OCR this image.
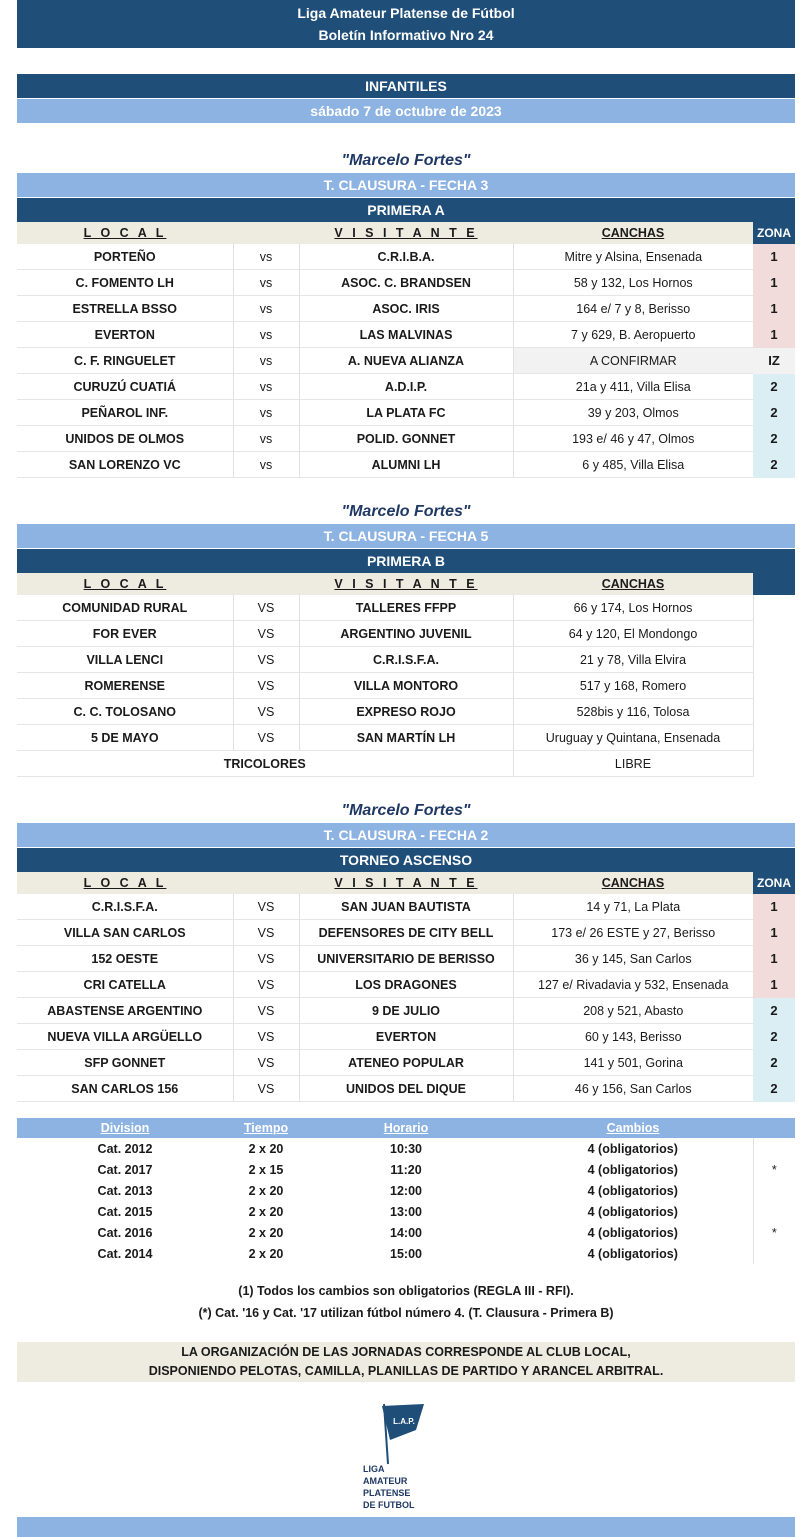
Liga Amateur Platense de Fútbol
Boletín Informativo Nro 24
INFANTILES
sábado 7 de octubre de 2023
"Marcelo Fortes"
T. CLAUSURA - FECHA 3
PRIMERA A
L O C A L		V I S I T A N T E	CANCHAS	ZONA
PORTEÑO	vs	C.R.I.B.A.	Mitre y Alsina, Ensenada	1
C. FOMENTO LH	vs	ASOC. C. BRANDSEN	58 y 132, Los Hornos	1
ESTRELLA BSSO	vs	ASOC. IRIS	164 e/ 7 y 8, Berisso	1
EVERTON	vs	LAS MALVINAS	7 y 629, B. Aeropuerto	1
C. F. RINGUELET	vs	A. NUEVA ALIANZA	A CONFIRMAR	IZ
CURUZÚ CUATIÁ	vs	A.D.I.P.	21a y 411, Villa Elisa	2
PEÑAROL INF.	vs	LA PLATA FC	39 y 203, Olmos	2
UNIDOS DE OLMOS	vs	POLID. GONNET	193 e/ 46 y 47, Olmos	2
SAN LORENZO VC	vs	ALUMNI LH	6 y 485, Villa Elisa	2
"Marcelo Fortes"
T. CLAUSURA - FECHA 5
PRIMERA B
L O C A L		V I S I T A N T E	CANCHAS	
COMUNIDAD RURAL	VS	TALLERES FFPP	66 y 174, Los Hornos	
FOR EVER	VS	ARGENTINO JUVENIL	64 y 120, El Mondongo	
VILLA LENCI	VS	C.R.I.S.F.A.	21 y 78, Villa Elvira	
ROMERENSE	VS	VILLA MONTORO	517 y 168, Romero	
C. C. TOLOSANO	VS	EXPRESO ROJO	528bis y 116, Tolosa	
5 DE MAYO	VS	SAN MARTÍN LH	Uruguay y Quintana, Ensenada	
TRICOLORES			LIBRE	
"Marcelo Fortes"
T. CLAUSURA - FECHA 2
TORNEO ASCENSO
L O C A L		V I S I T A N T E	CANCHAS	ZONA
C.R.I.S.F.A.	VS	SAN JUAN BAUTISTA	14 y 71, La Plata	1
VILLA SAN CARLOS	VS	DEFENSORES DE CITY BELL	173 e/ 26 ESTE y 27, Berisso	1
152 OESTE	VS	UNIVERSITARIO DE BERISSO	36 y 145, San Carlos	1
CRI CATELLA	VS	LOS DRAGONES	127 e/ Rivadavia y 532, Ensenada	1
ABASTENSE ARGENTINO	VS	9 DE JULIO	208 y 521, Abasto	2
NUEVA VILLA ARGÜELLO	VS	EVERTON	60 y 143, Berisso	2
SFP GONNET	VS	ATENEO POPULAR	141 y 501, Gorina	2
SAN CARLOS 156	VS	UNIDOS DEL DIQUE	46 y 156, San Carlos	2
Division	Tiempo	Horario	Cambios	
Cat. 2012	2 x 20	10:30	4 (obligatorios)	
Cat. 2017	2 x 15	11:20	4 (obligatorios)	*
Cat. 2013	2 x 20	12:00	4 (obligatorios)	
Cat. 2015	2 x 20	13:00	4 (obligatorios)	
Cat. 2016	2 x 20	14:00	4 (obligatorios)	*
Cat. 2014	2 x 20	15:00	4 (obligatorios)	
(1) Todos los cambios son obligatorios (REGLA III - RFI).
(*) Cat. '16 y Cat. '17 utilizan fútbol número 4. (T. Clausura - Primera B)
LA ORGANIZACIÓN DE LAS JORNADAS CORRESPONDE AL CLUB LOCAL,
DISPONIENDO PELOTAS, CAMILLA, PLANILLAS DE PARTIDO Y ARANCEL ARBITRAL.
L.A.P.
LIGA
AMATEUR
PLATENSE
DE FUTBOL
